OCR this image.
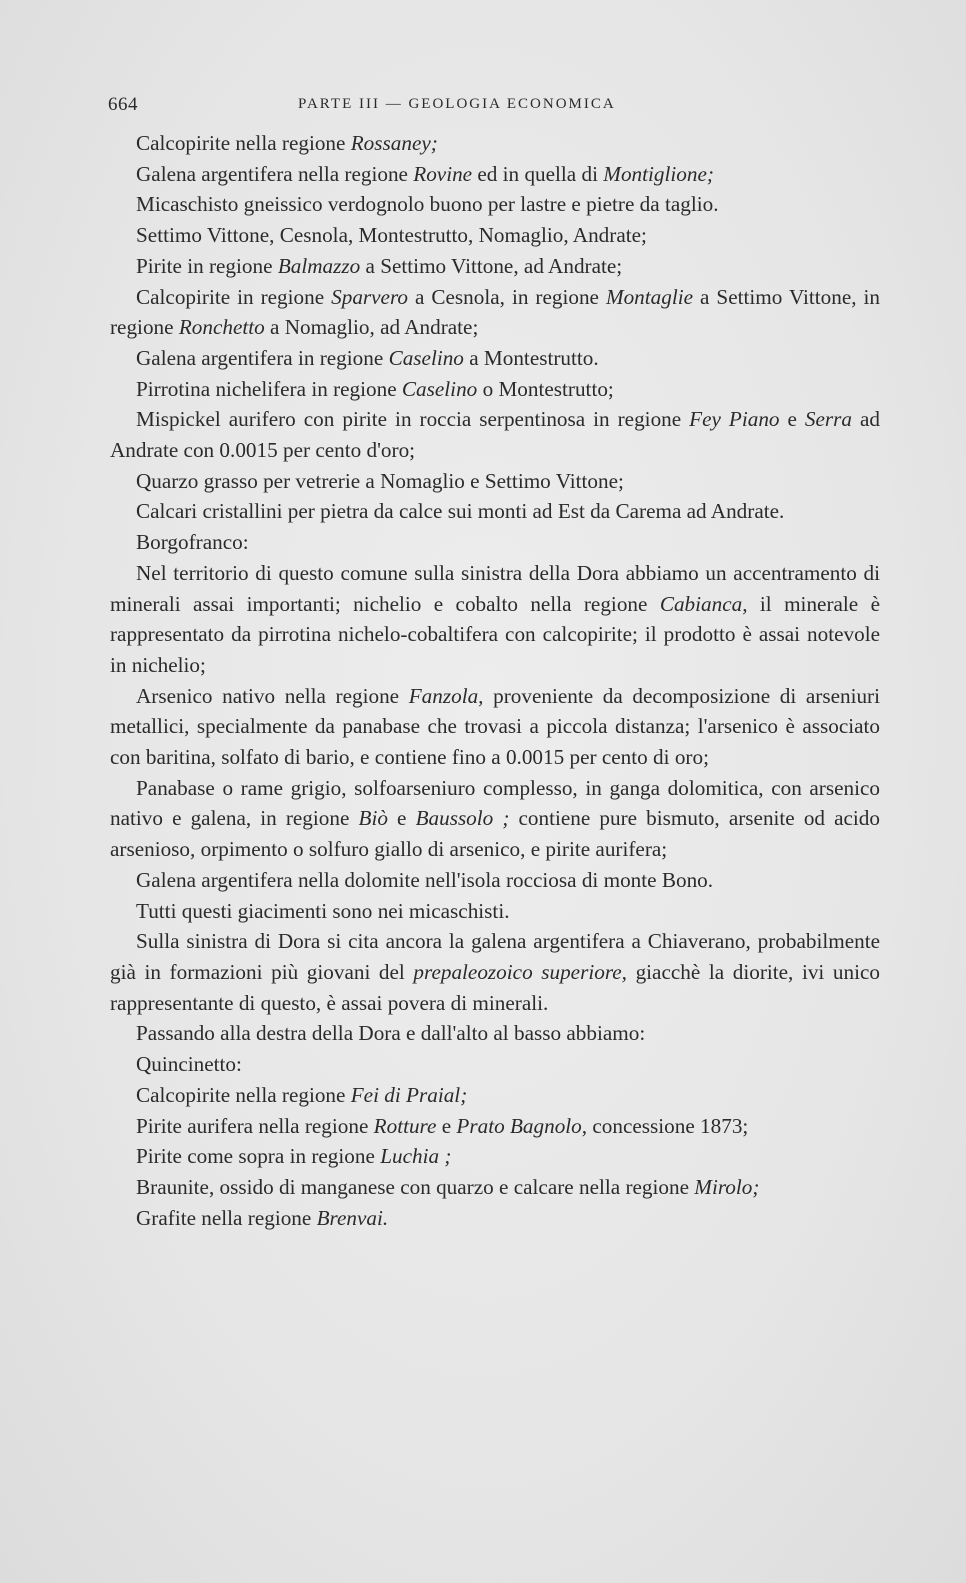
664	PARTE III — GEOLOGIA ECONOMICA

Calcopirite nella regione Rossaney;

Galena argentifera nella regione Rovine ed in quella di Montiglione;

Micaschisto gneissico verdognolo buono per lastre e pietre da taglio.

Settimo Vittone, Cesnola, Montestrutto, Nomaglio, Andrate;

Pirite in regione Balmazzo a Settimo Vittone, ad Andrate;

Calcopirite in regione Sparvero a Cesnola, in regione Montaglie a Settimo Vittone, in regione Ronchetto a Nomaglio, ad Andrate;

Galena argentifera in regione Caselino a Montestrutto.

Pirrotina nichelifera in regione Caselino o Montestrutto;

Mispickel aurifero con pirite in roccia serpentinosa in regione Fey Piano e Serra ad Andrate con 0.0015 per cento d'oro;

Quarzo grasso per vetrerie a Nomaglio e Settimo Vittone;

Calcari cristallini per pietra da calce sui monti ad Est da Carema ad Andrate.

Borgofranco:

Nel territorio di questo comune sulla sinistra della Dora abbiamo un accentramento di minerali assai importanti; nichelio e cobalto nella regione Cabianca, il minerale è rappresentato da pirrotina nichelo-cobaltifera con calcopirite; il prodotto è assai notevole in nichelio;

Arsenico nativo nella regione Fanzola, proveniente da decomposizione di arseniuri metallici, specialmente da panabase che trovasi a piccola distanza; l'arsenico è associato con baritina, solfato di bario, e contiene fino a 0.0015 per cento di oro;

Panabase o rame grigio, solfoarseniuro complesso, in ganga dolomitica, con arsenico nativo e galena, in regione Biò e Baussolo ; contiene pure bismuto, arsenite od acido arsenioso, orpimento o solfuro giallo di arsenico, e pirite aurifera;

Galena argentifera nella dolomite nell'isola rocciosa di monte Bono.

Tutti questi giacimenti sono nei micaschisti.

Sulla sinistra di Dora si cita ancora la galena argentifera a Chiaverano, probabilmente già in formazioni più giovani del prepaleozoico superiore, giacchè la diorite, ivi unico rappresentante di questo, è assai povera di minerali.

Passando alla destra della Dora e dall'alto al basso abbiamo:

Quincinetto:

Calcopirite nella regione Fei di Praial;

Pirite aurifera nella regione Rotture e Prato Bagnolo, concessione 1873;

Pirite come sopra in regione Luchia ;

Braunite, ossido di manganese con quarzo e calcare nella regione Mirolo;

Grafite nella regione Brenvai.
